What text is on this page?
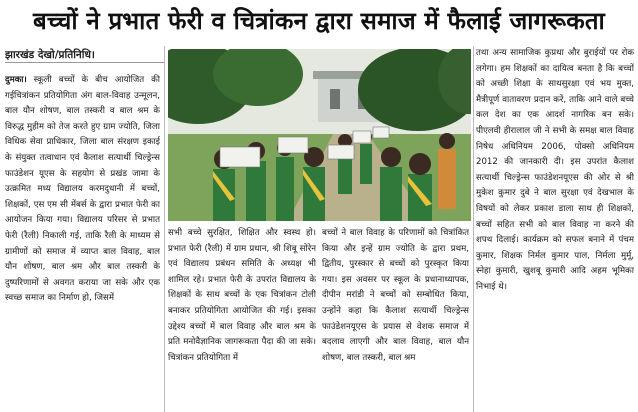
बच्चों ने प्रभात फेरी व चित्रांकन द्वारा समाज में फैलाई जागरूकता
झारखंड देखो/प्रतिनिधि।

दुमका। स्कूली बच्चों के बीच आयोजित की गईचित्रांकन प्रतियोगिता अंग बाल-विवाह उन्मूलन, बाल यौन शोषण, बाल तस्करी व बाल श्रम के विरुद्ध मुहीम को तेज करते हुए ग्राम ज्योति, जिला विधिक सेवा प्राधिकार, जिला बाल संरक्षण इकाई के संयुक्त तत्वाधान एवं कैलाश सत्यार्थी चिल्ड्रेन्स फाउंडेशन यूएस के सहयोग से प्रखंड जामा के उत्क्रमित मध्य विद्यालय करमदुधानी में बच्चों, शिक्षकों, एस एम सी मेंबर्स के द्वारा प्रभात फेरी का आयोजन किया गया। विद्यालय परिसर से प्रभात फेरी (रैली) निकाली गई, ताकि रैली के माध्यम से ग्रामीणों को समाज में व्याप्त बाल विवाह, बाल यौन शोषण, बाल श्रम और बाल तस्करी के दुष्परिणामों से अवगत कराया जा सके और एक स्वच्छ समाज का निर्माण हो, जिसमें

सभी बच्चे सुरक्षित, शिक्षित और स्वस्थ हो। प्रभात फेरी (रैली) में ग्राम प्रधान, श्री शिबू सोरेन एवं विद्यालय प्रबंधन समिति के अध्यक्ष भी शामिल रहे। प्रभात फेरी के उपरांत विद्यालय के शिक्षकों के साथ बच्चों के एक चित्रांकन टोली बनाकर प्रतियोगिता आयोजित की गई। इसका उद्देश्य बच्चों में बाल विवाह और बाल श्रम के प्रति मनोवैज्ञानिक जागरूकता पैदा की जा सके। चित्रांकन प्रतियोगिता में

बच्चों ने बाल विवाह के परिणामों को चित्रांकित किया और इन्हें ग्राम ज्योति के द्वारा प्रथम, द्वितीय, पुरस्कार से बच्चों को पुरस्कृत किया गया। इस अवसर पर स्कूल के प्रधानाध्यापक, दीपीन मरांडी ने बच्चों को सम्बोधित किया, उन्होंने कहा कि कैलाश सत्यार्थी चिल्ड्रेन्स फाउंडेशनयूएस के प्रयास से वेशक समाज में बदलाव लाएगी और बाल विवाह, बाल यौन शोषण, बाल तस्करी, बाल श्रम

तथा अन्य सामाजिक कुप्रथा और बुराईयों पर रोक लगेगा। हम शिक्षकों का दायित्व बनता है कि बच्चों को अच्छी शिक्षा के साथसुरक्षा एवं भय मुक्त, मैत्रीपूर्ण वातावरण प्रदान करें, ताकि आने वाले बच्चे कल देश का एक आदर्श नागरिक बन सके। पीएलवी हीरालाल जी ने सभी के समक्ष बाल विवाह निषेध अधिनियम 2006, पोक्सो अधिनियम 2012 की जानकारी दी। इस उपरांत कैलाश सत्यार्थी चिल्ड्रेन्स फाउंडेशनयूएस की ओर से श्री मुकेश कुमार दुबे ने बाल सुरक्षा एवं देखभाल के विषयों को लेकर प्रकाश डाला साथ ही शिक्षकों, बच्चों सहित सभी को बाल विवाह ना करने की शपथ दिलाई। कार्यक्रम को सफल बनाने में पंचम कुमार, शिक्षक निर्मल कुमार पाल, निर्मला मुर्मू, स्नेहा कुमारी, खुशबू कुमारी आदि अहम भूमिका निभाई थे।
